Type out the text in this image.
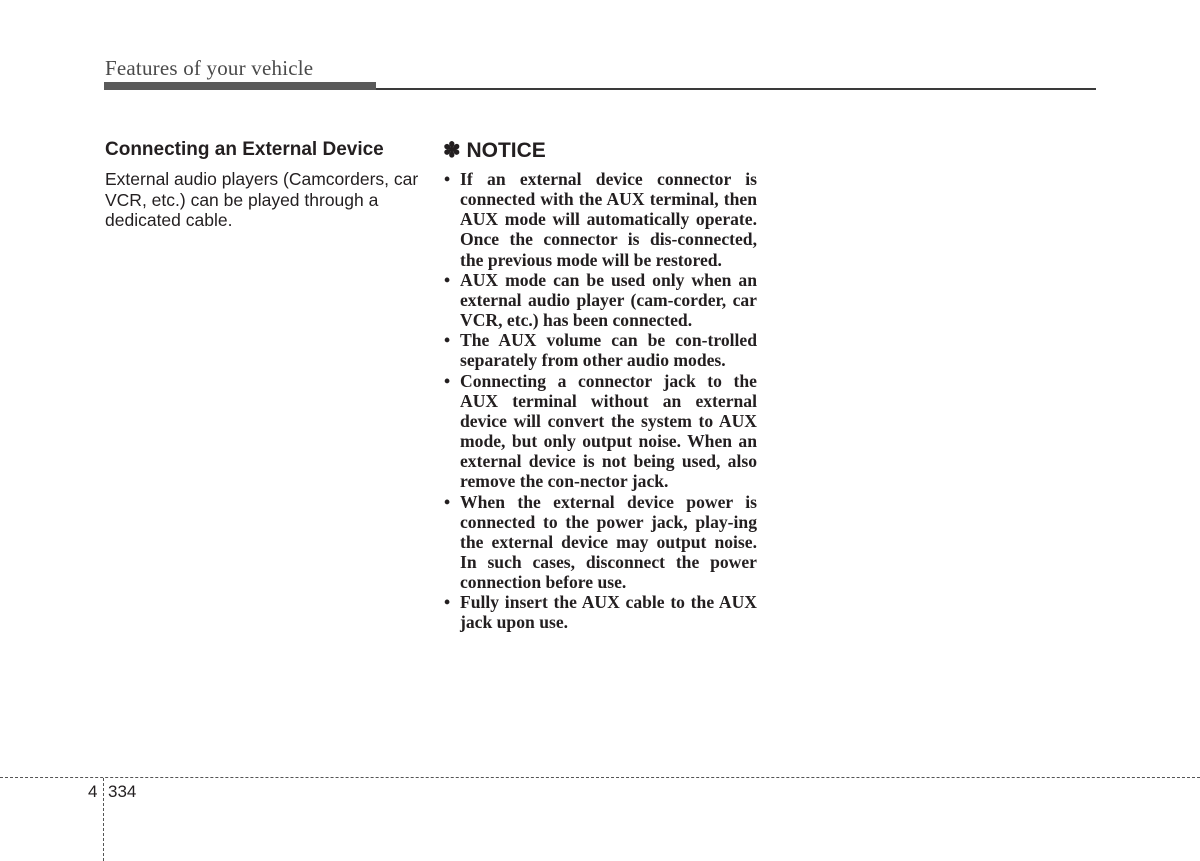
Features of your vehicle
Connecting an External Device

External audio players (Camcorders, car VCR, etc.) can be played through a dedicated cable.

✽ NOTICE
• If an external device connector is connected with the AUX terminal, then AUX mode will automatically operate. Once the connector is dis-connected, the previous mode will be restored.
• AUX mode can be used only when an external audio player (cam-corder, car VCR, etc.) has been connected.
• The AUX volume can be con-trolled separately from other audio modes.
• Connecting a connector jack to the AUX terminal without an external device will convert the system to AUX mode, but only output noise. When an external device is not being used, also remove the con-nector jack.
• When the external device power is connected to the power jack, play-ing the external device may output noise. In such cases, disconnect the power connection before use.
• Fully insert the AUX cable to the AUX jack upon use.
4 334
